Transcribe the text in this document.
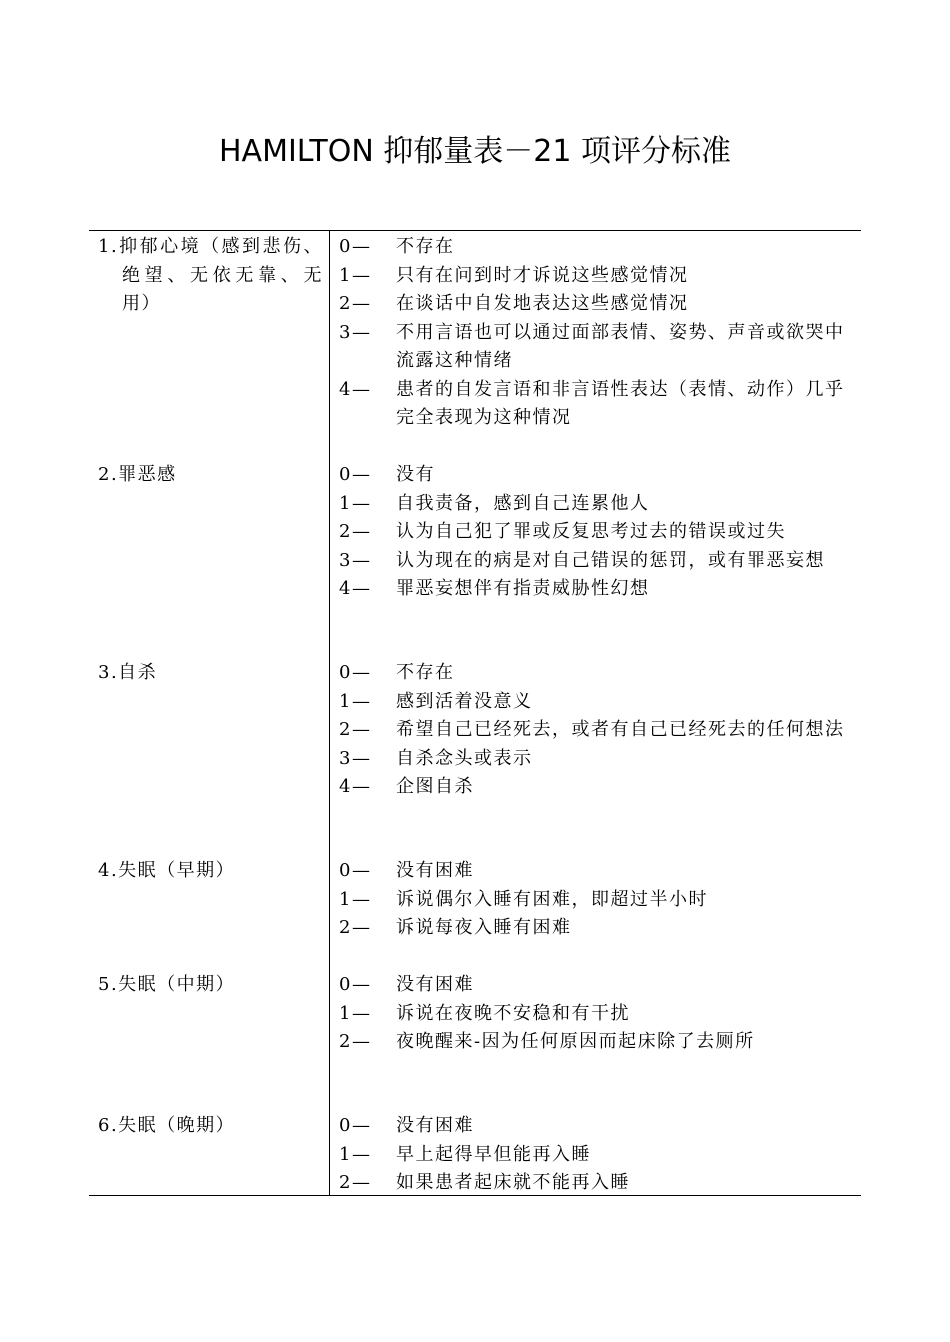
HAMILTON 抑郁量表－21 项评分标准
1.抑郁心境（感到悲伤、绝望、无依无靠、无用）
0—	不存在
1—	只有在问到时才诉说这些感觉情况
2—	在谈话中自发地表达这些感觉情况
3—	不用言语也可以通过面部表情、姿势、声音或欲哭中流露这种情绪
4—	患者的自发言语和非言语性表达（表情、动作）几乎完全表现为这种情况
2.罪恶感	0—	没有
1—	自我责备，感到自己连累他人
2—	认为自己犯了罪或反复思考过去的错误或过失
3—	认为现在的病是对自己错误的惩罚，或有罪恶妄想
4—	罪恶妄想伴有指责威胁性幻想
3.自杀	0—	不存在
1—	感到活着没意义
2—	希望自己已经死去，或者有自己已经死去的任何想法
3—	自杀念头或表示
4—	企图自杀
4.失眠（早期）	0—	没有困难
1—	诉说偶尔入睡有困难，即超过半小时
2—	诉说每夜入睡有困难
5.失眠（中期）	0—	没有困难
1—	诉说在夜晚不安稳和有干扰
2—	夜晚醒来-因为任何原因而起床除了去厕所
6.失眠（晚期）	0—	没有困难
1—	早上起得早但能再入睡
2—	如果患者起床就不能再入睡
